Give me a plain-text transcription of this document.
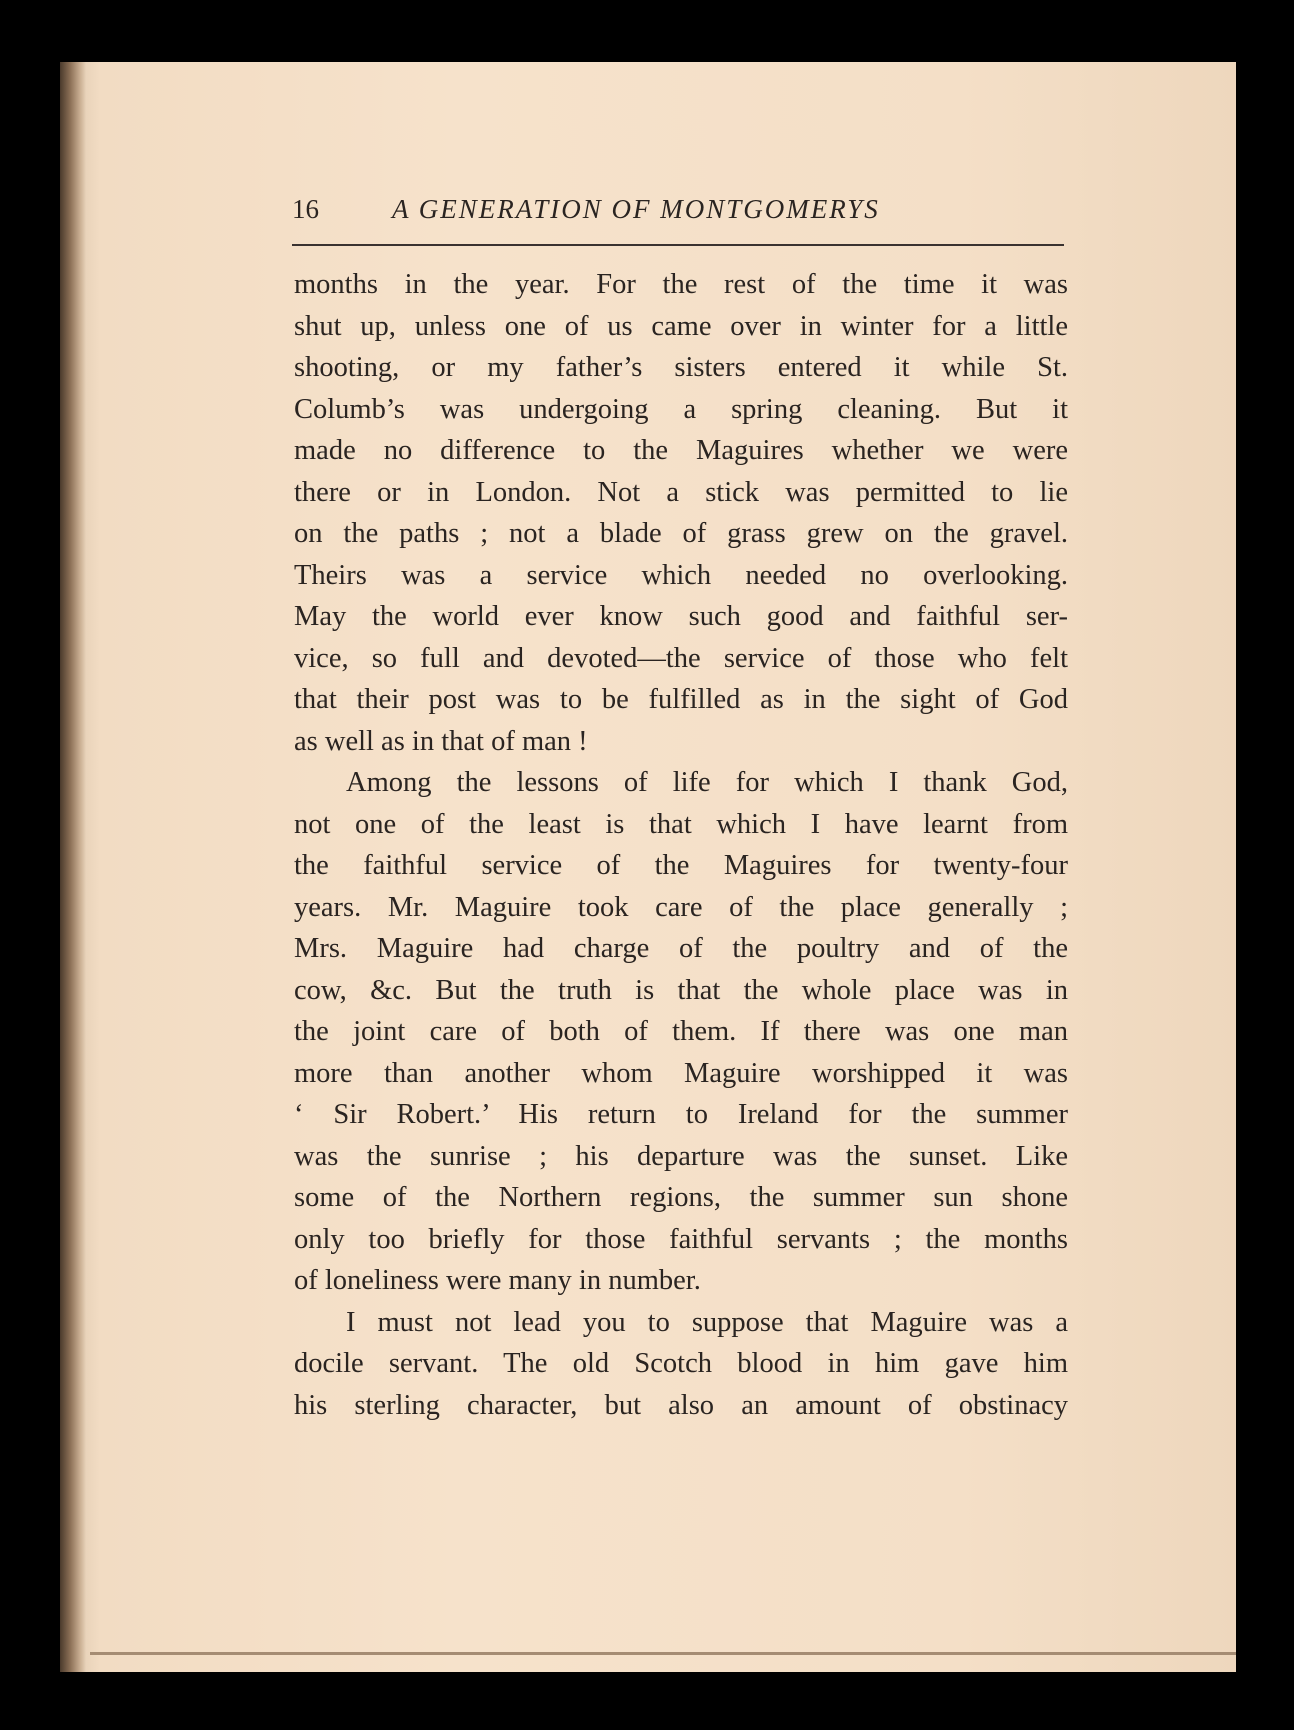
16	A GENERATION OF MONTGOMERYS
months in the year. For the rest of the time it was
shut up, unless one of us came over in winter for a little
shooting, or my father’s sisters entered it while St.
Columb’s was undergoing a spring cleaning. But it
made no difference to the Maguires whether we were
there or in London. Not a stick was permitted to lie
on the paths ; not a blade of grass grew on the gravel.
Theirs was a service which needed no overlooking.
May the world ever know such good and faithful ser-
vice, so full and devoted—the service of those who felt
that their post was to be fulfilled as in the sight of God
as well as in that of man !
Among the lessons of life for which I thank God,
not one of the least is that which I have learnt from
the faithful service of the Maguires for twenty-four
years. Mr. Maguire took care of the place generally ;
Mrs. Maguire had charge of the poultry and of the
cow, &c. But the truth is that the whole place was in
the joint care of both of them. If there was one man
more than another whom Maguire worshipped it was
‘ Sir Robert.’ His return to Ireland for the summer
was the sunrise ; his departure was the sunset. Like
some of the Northern regions, the summer sun shone
only too briefly for those faithful servants ; the months
of loneliness were many in number.
I must not lead you to suppose that Maguire was a
docile servant. The old Scotch blood in him gave him
his sterling character, but also an amount of obstinacy
